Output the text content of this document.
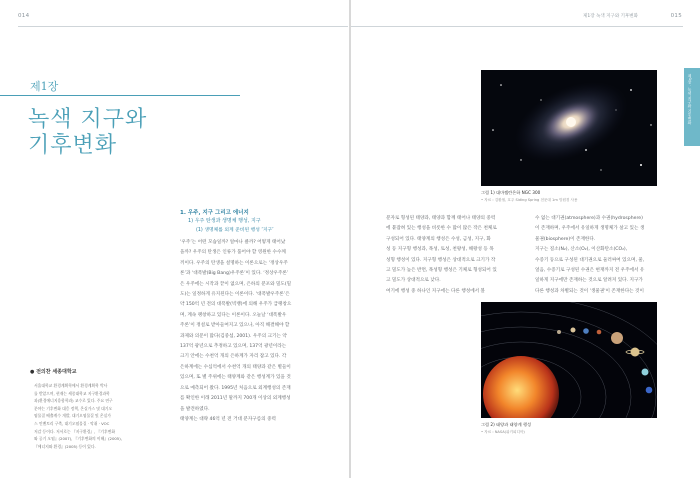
014
제1장
녹색 지구와
기후변화
1. 우주, 지구 그리고 에너지
1) 우주 탄생과 생명체 행성, 지구
(1) 생명체를 외계 준비된 행성 ‘지구’

‘우주’는 어떤 모습일까? 얼마나 클까? 어떻게 태어났

을까? 우주의 탄생은 인류가 품어야 할 영원한 수수께

끼이다. 우주의 탄생을 설명하는 이론으로는 ‘정상우주

론’과 ‘대폭발(Big Bang)우주론’이 있다. ‘정상우주론’

은 우주에는 시작과 끝이 없으며, 은하의 분포와 밀도(밀

도)는 일정하게 유지된다는 이론이다. ‘대폭발우주론’은

약 150억 년 전의 대폭발(빅뱅)에 의해 우주가 급팽창으

며, 계속 팽창하고 있다는 이론이다. 오늘날 ‘대폭발우

주론’이 정설로 받아들여지고 있으나, 아직 해결해야 할

과제와 의문이 많다(김중섭, 2001). 우주의 크기는 약

137억 광년으로 추정하고 있으며, 137억 광년이라는

크기 안에는 수천억 개의 은하계가 자리 잡고 있다. 각

은하계에는 수십억에서 수천억 개의 태양과 같은 별들이

있으며, 또 별 주위에는 태양계와 같은 행성계가 있을 것

으로 예측되어 왔다. 1995년 처음으로 외계행성의 존재

를 확인한 이래 2011년 말까지 700개 이상의 외계행성

을 발견하였다.

태양계는 대략 46억 년 전 거대 분자구름의 중력

● 전의찬 세종대학교

서울대학교 환경계획학에서 환경계획학 박사

를 받았으며, 현재는 세종대학교 지구환경과학

과(환경에너지융합학과) 교수로 있다. 주요 연구

분야는 기후변화 대응 정책, 온실가스 및 대기오

염물질 배출계수 개발, 대기오염물질 및 온실가

스 인벤토리 구축, 대기오염물질 · 악취 · VOC

저감 등이다. 저서로는 『지구환경』, 『기후변화

와 공기 오염』(2007), 『기후변화의 이해』(2005),

『에너지와 환경』(2005) 등이 있다.

제1장 녹색 지구와 기후변화	015
제1장 · 녹색 지구와 기후변화
그림 1) 대마젤란은하 NGC 300
• 자료 : 김환철, 호주 Siding Spring 천문대 1m 망원경 사용

분자로 형성된 태양과, 태양과 함께 태어나 태양의 중력

에 붙잡혀 있는 행성을 비롯한 수 많이 많은 작은 천체로

구성되어 있다. 태양계의 행성은 수성, 금성, 지구, 화

성 등 지구형 행성과, 목성, 토성, 천왕성, 해왕성 등 목

성형 행성이 있다. 지구형 행성은 상대적으로 크기가 작

고 밀도가 높은 반면, 목성형 행성은 기체로 형성되어 있

고 밀도가 상대적으로 낮다.

여기에 행성 중 하나인 지구에는 다른 행성에서 볼

수 없는 대기권(atmosphere)과 수권(hydrosphere)

이 존재하며, 우주에서 유일하게 생명체가 살고 있는 생

물권(biosphere)이 존재한다.

지구는 질소(N₂), 산소(O₂), 이산화탄소(CO₂),

수증기 등으로 구성된 대기권으로 둘러싸여 있으며, 물,

얼음, 수증기로 구성된 수권은 현재까지 전 우주에서 유

일하게 지구에만 존재하는 것으로 알려져 있다. 지구가

다른 행성과 차별되는 것이 '생물권'이 존재한다는 것이

그림 2) 태양과 태양계 행성
• 자료 : NASA(위키피디아)
